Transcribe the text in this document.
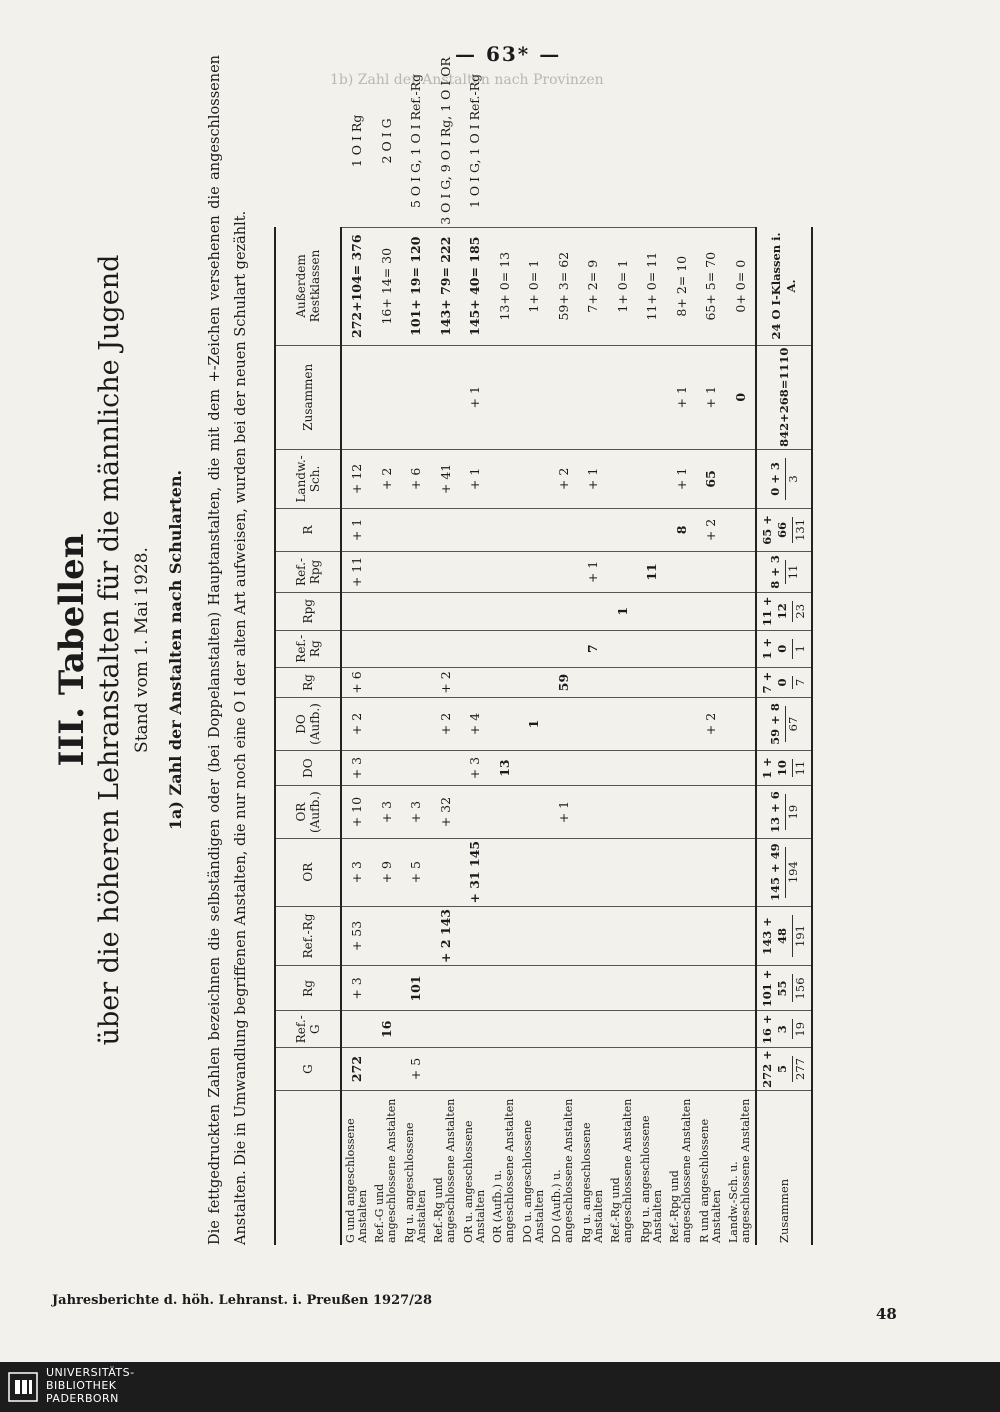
— 63* —
1b) Zahl der Anstalten nach Provinzen
III. Tabellen über die höheren Lehranstalten für die männliche Jugend Stand vom 1. Mai 1928. 1a) Zahl der Anstalten nach Schularten.	Die fettgedruckten Zahlen bezeichnen die selbständigen oder (bei Doppelanstalten) Hauptanstalten, die mit dem +-Zeichen versehenen die angeschlossenen Anstalten. Die in Umwandlung begriffenen Anstalten, die nur noch eine O I der alten Art aufweisen, wurden bei der neuen Schulart gezählt.
		G	Ref.-G	Rg	Ref.-Rg	OR	OR (Aufb.)	DO	DO (Aufb.)	Rg	Ref.-Rg	Rpg	Ref.-Rpg	R	Landw.-Sch.	Zusammen	Außerdem Restklassen	
G und angeschlossene Anstalten	272		+ 3	+ 53	+ 3	+ 10	+ 3	+ 2	+ 6			+ 11	+ 1	+ 12		272+104= 376	1 O I Rg
Ref.-G und angeschlossene Anstalten		16			+ 9	+ 3								+ 2		16+ 14= 30	2 O I G
Rg u. angeschlossene Anstalten	+ 5		101		+ 5	+ 3								+ 6		101+ 19= 120	5 O I G, 1 O I Ref.-Rg
Ref.-Rg und angeschlossene Anstalten				+ 2 143		+ 32		+ 2	+ 2					+ 41		143+ 79= 222	3 O I G, 9 O I Rg, 1 O I OR
OR u. angeschlossene Anstalten					+ 31 145		+ 3	+ 4						+ 1	+ 1	145+ 40= 185	1 O I G, 1 O I Ref.-Rg
OR (Aufb.) u. angeschlossene Anstalten							13									13+ 0= 13	
DO u. angeschlossene Anstalten								1								1+ 0= 1	
DO (Aufb.) u. angeschlossene Anstalten						+ 1			59					+ 2		59+ 3= 62	
Rg u. angeschlossene Anstalten										7		+ 1		+ 1		7+ 2= 9	
Ref.-Rg und angeschlossene Anstalten											1					1+ 0= 1	
Rpg u. angeschlossene Anstalten												11				11+ 0= 11	
Ref.-Rpg und angeschlossene Anstalten													8	+ 1	+ 1	8+ 2= 10	
R und angeschlossene Anstalten								+ 2					+ 2	65	+ 1	65+ 5= 70	
Landw.-Sch. u. angeschlossene Anstalten															0	0+ 0= 0	
Zusammen	272 + 5 277	16 + 3 19	101 + 55 156	143 + 48 191	145 + 49 194	13 + 6 19	1 + 10 11	59 + 8 67	7 + 0 7	1 + 0 1	11 + 12 23	8 + 3 11	65 + 66 131	0 + 3 3	842+268=1110	24 O I-Klassen i. A.	
Jahresberichte d. höh. Lehranst. i. Preußen 1927/28
48
UNIVERSITÄTS-
BIBLIOTHEK
PADERBORN
